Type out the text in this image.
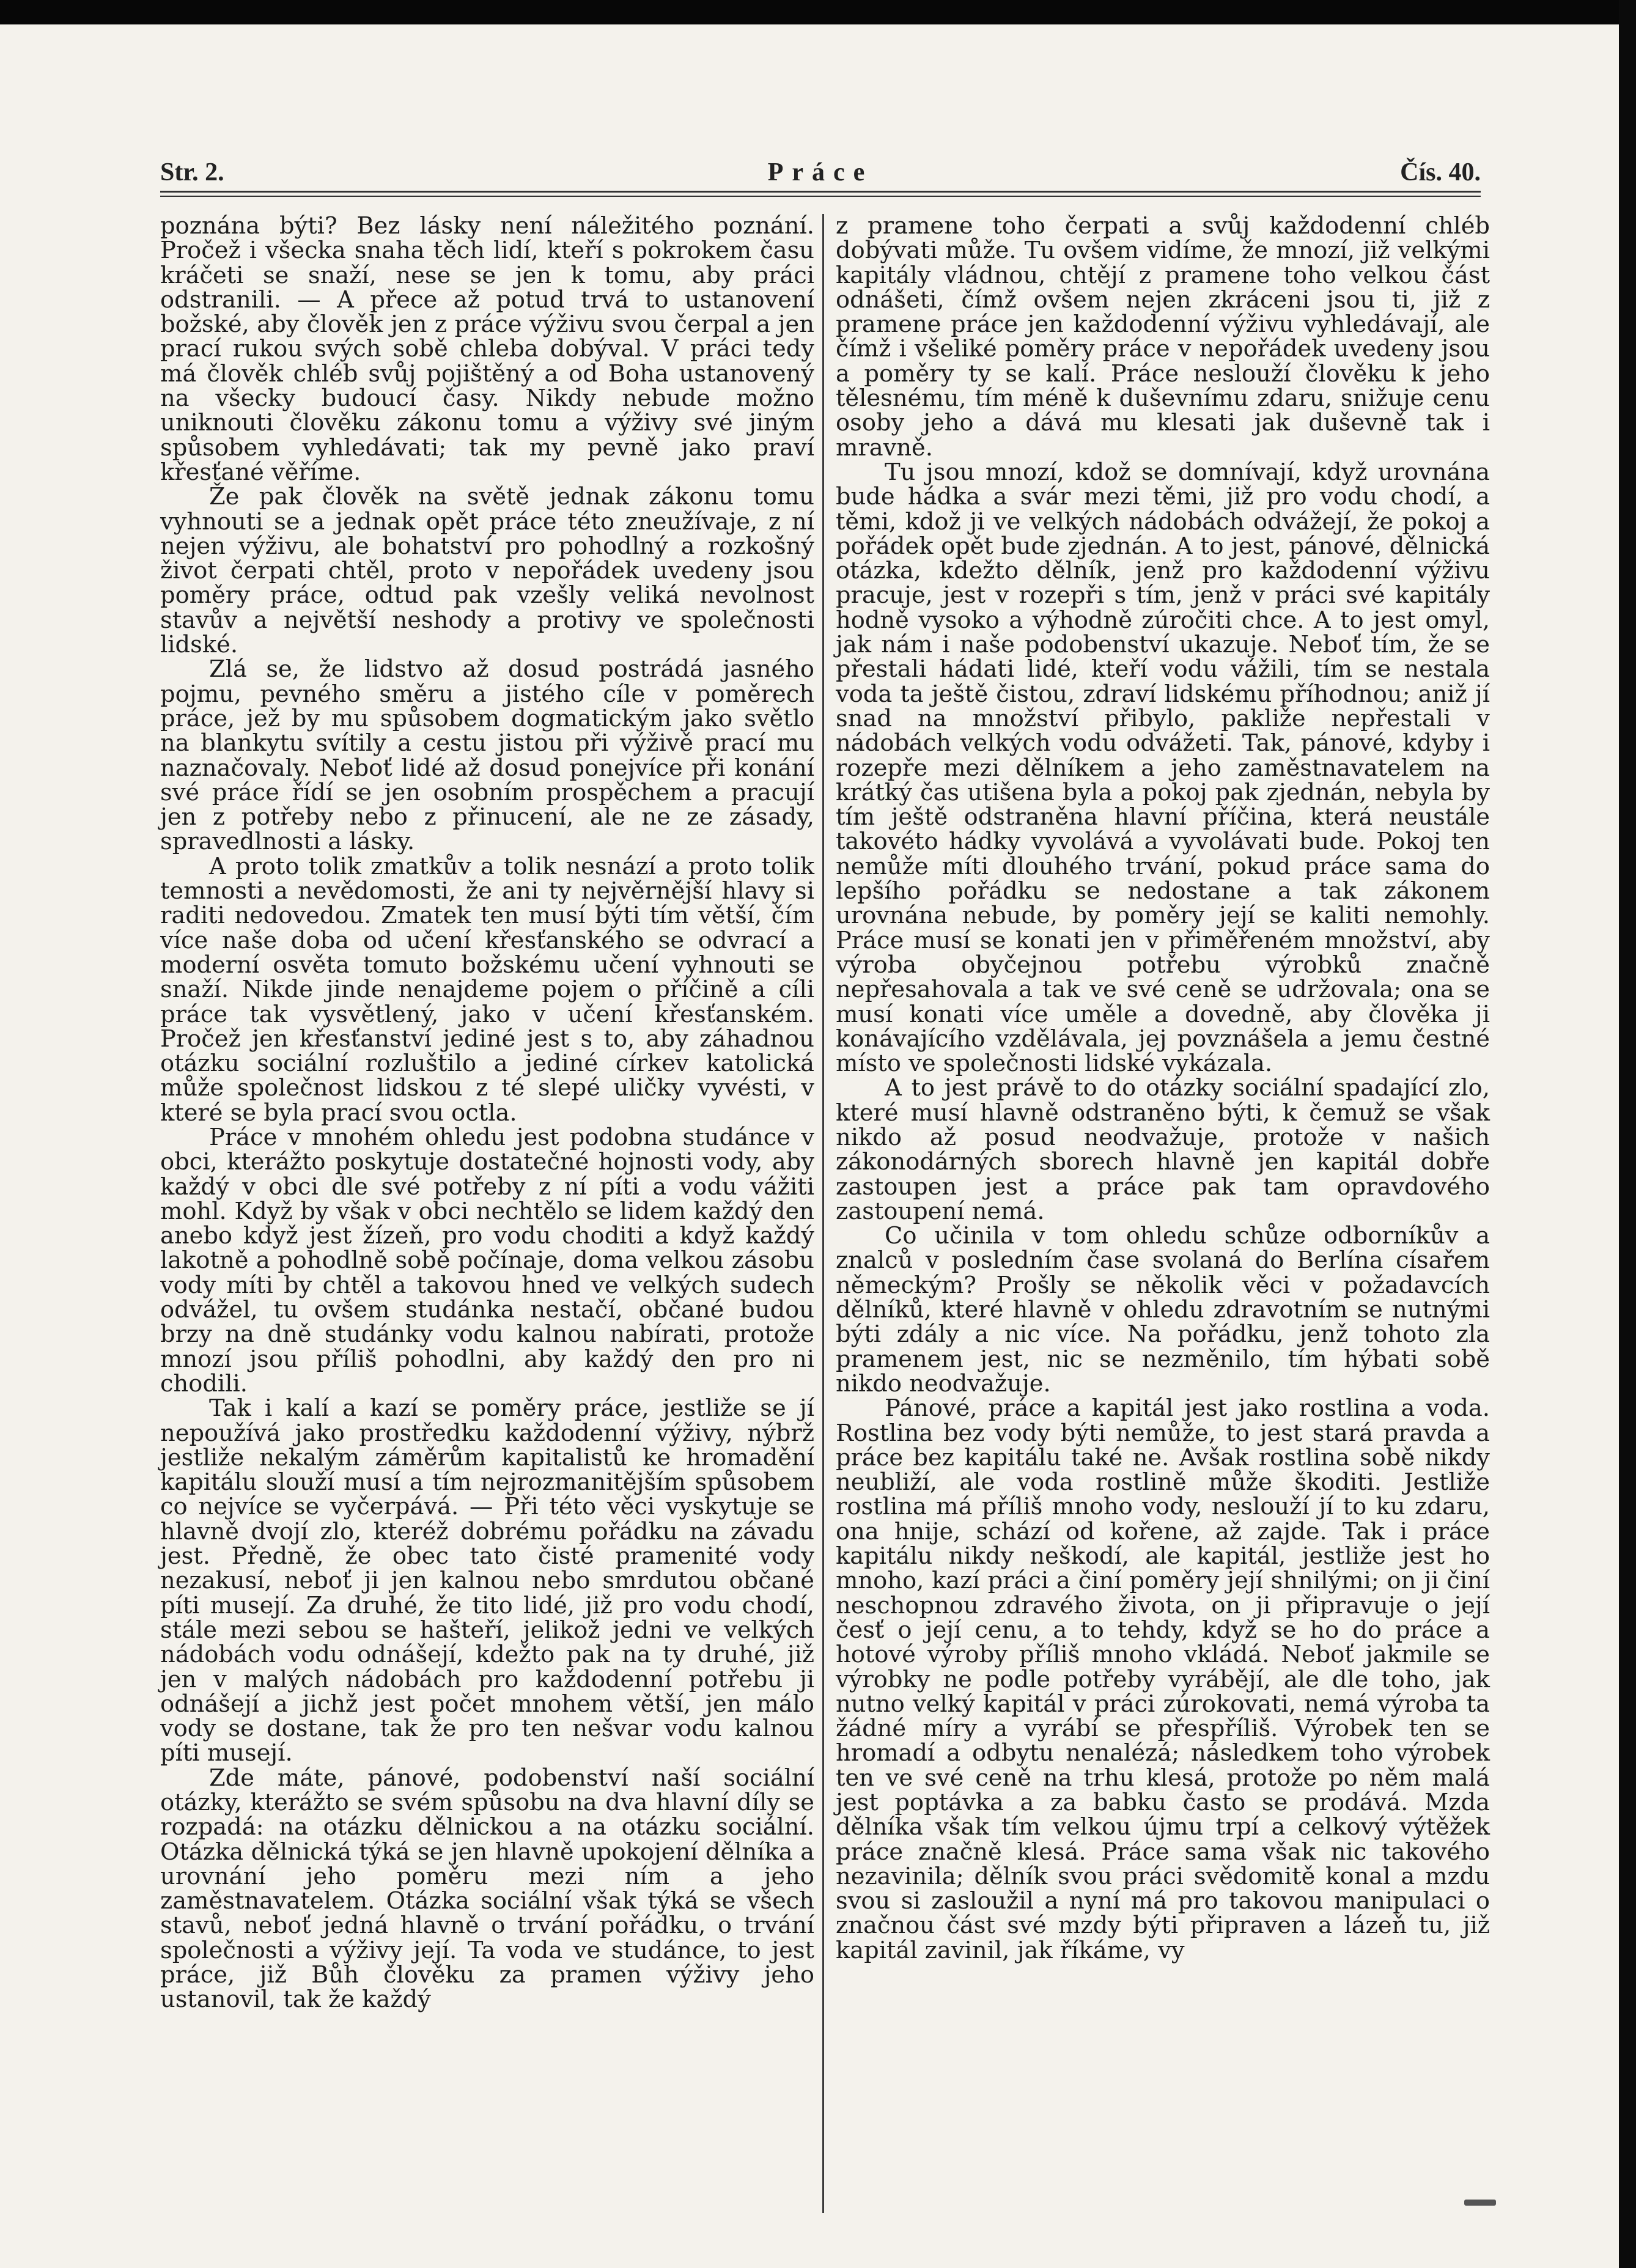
Str. 2.	Práce	Čís. 40.

poznána býti? Bez lásky není náležitého poznání. Pročež i všecka snaha těch lidí, kteří s pokrokem času kráčeti se snaží, nese se jen k tomu, aby práci odstranili. — A přece až potud trvá to ustanovení božské, aby člověk jen z práce výživu svou čerpal a jen prací rukou svých sobě chleba dobýval. V práci tedy má člověk chléb svůj pojištěný a od Boha ustanovený na všecky budoucí časy. Nikdy nebude možno uniknouti člověku zákonu tomu a výživy své jiným spůsobem vyhledávati; tak my pevně jako praví křesťané věříme.

Že pak člověk na světě jednak zákonu tomu vyhnouti se a jednak opět práce této zneužívaje, z ní nejen výživu, ale bohatství pro pohodlný a rozkošný život čerpati chtěl, proto v nepořádek uvedeny jsou poměry práce, odtud pak vzešly veliká nevolnost stavův a největší neshody a protivy ve společnosti lidské.

Zlá se, že lidstvo až dosud postrádá jasného pojmu, pevného směru a jistého cíle v poměrech práce, jež by mu spůsobem dogmatickým jako světlo na blankytu svítily a cestu jistou při výživě prací mu naznačovaly. Neboť lidé až dosud ponejvíce při konání své práce řídí se jen osobním prospěchem a pracují jen z potřeby nebo z přinucení, ale ne ze zásady, spravedlnosti a lásky.

A proto tolik zmatkův a tolik nesnází a proto tolik temnosti a nevědomosti, že ani ty nejvěrnější hlavy si raditi nedovedou. Zmatek ten musí býti tím větší, čím více naše doba od učení křesťanského se odvrací a moderní osvěta tomuto božskému učení vyhnouti se snaží. Nikde jinde nenajdeme pojem o příčině a cíli práce tak vysvětlený, jako v učení křesťanském. Pročež jen křesťanství jediné jest s to, aby záhadnou otázku sociální rozluštilo a jediné církev katolická může společnost lidskou z té slepé uličky vyvésti, v které se byla prací svou octla.

Práce v mnohém ohledu jest podobna studánce v obci, kterážto poskytuje dostatečné hojnosti vody, aby každý v obci dle své potřeby z ní píti a vodu vážiti mohl. Když by však v obci nechtělo se lidem každý den anebo když jest žízeň, pro vodu choditi a když každý lakotně a pohodlně sobě počínaje, doma velkou zásobu vody míti by chtěl a takovou hned ve velkých sudech odvážel, tu ovšem studánka nestačí, občané budou brzy na dně studánky vodu kalnou nabírati, protože mnozí jsou příliš pohodlni, aby každý den pro ni chodili.

Tak i kalí a kazí se poměry práce, jestliže se jí nepoužívá jako prostředku každodenní výživy, nýbrž jestliže nekalým záměrům kapitalistů ke hromadění kapitálu slouží musí a tím nejrozmanitějším spůsobem co nejvíce se vyčerpává. — Při této věci vyskytuje se hlavně dvojí zlo, kteréž dobrému pořádku na závadu jest. Předně, že obec tato čisté pramenité vody nezakusí, neboť ji jen kalnou nebo smrdutou občané píti musejí. Za druhé, že tito lidé, již pro vodu chodí, stále mezi sebou se hašteří, jelikož jedni ve velkých nádobách vodu odnášejí, kdežto pak na ty druhé, již jen v malých nádobách pro každodenní potřebu ji odnášejí a jichž jest počet mnohem větší, jen málo vody se dostane, tak že pro ten nešvar vodu kalnou píti musejí.

Zde máte, pánové, podobenství naší sociální otázky, kterážto se svém spůsobu na dva hlavní díly se rozpadá: na otázku dělnickou a na otázku sociální. Otázka dělnická týká se jen hlavně upokojení dělníka a urovnání jeho poměru mezi ním a jeho zaměstnavatelem. Otázka sociální však týká se všech stavů, neboť jedná hlavně o trvání pořádku, o trvání společnosti a výživy její. Ta voda ve studánce, to jest práce, již Bůh člověku za pramen výživy jeho ustanovil, tak že každý

z pramene toho čerpati a svůj každodenní chléb dobývati může. Tu ovšem vidíme, že mnozí, již velkými kapitály vládnou, chtějí z pramene toho velkou část odnášeti, čímž ovšem nejen zkráceni jsou ti, již z pramene práce jen každodenní výživu vyhledávají, ale čímž i všeliké poměry práce v nepořádek uvedeny jsou a poměry ty se kalí. Práce neslouží člověku k jeho tělesnému, tím méně k duševnímu zdaru, snižuje cenu osoby jeho a dává mu klesati jak duševně tak i mravně.

Tu jsou mnozí, kdož se domnívají, když urovnána bude hádka a svár mezi těmi, již pro vodu chodí, a těmi, kdož ji ve velkých nádobách odvážejí, že pokoj a pořádek opět bude zjednán. A to jest, pánové, dělnická otázka, kdežto dělník, jenž pro každodenní výživu pracuje, jest v rozepři s tím, jenž v práci své kapitály hodně vysoko a výhodně zúročiti chce. A to jest omyl, jak nám i naše podobenství ukazuje. Neboť tím, že se přestali hádati lidé, kteří vodu vážili, tím se nestala voda ta ještě čistou, zdraví lidskému příhodnou; aniž jí snad na množství přibylo, pakliže nepřestali v nádobách velkých vodu odvážeti. Tak, pánové, kdyby i rozepře mezi dělníkem a jeho zaměstnavatelem na krátký čas utišena byla a pokoj pak zjednán, nebyla by tím ještě odstraněna hlavní příčina, která neustále takovéto hádky vyvolává a vyvolávati bude. Pokoj ten nemůže míti dlouhého trvání, pokud práce sama do lepšího pořádku se nedostane a tak zákonem urovnána nebude, by poměry její se kaliti nemohly. Práce musí se konati jen v přiměřeném množství, aby výroba obyčejnou potřebu výrobků značně nepřesahovala a tak ve své ceně se udržovala; ona se musí konati více uměle a dovedně, aby člověka ji konávajícího vzdělávala, jej povznášela a jemu čestné místo ve společnosti lidské vykázala.

A to jest právě to do otázky sociální spadající zlo, které musí hlavně odstraněno býti, k čemuž se však nikdo až posud neodvažuje, protože v našich zákonodárných sborech hlavně jen kapitál dobře zastoupen jest a práce pak tam opravdového zastoupení nemá.

Co učinila v tom ohledu schůze odborníkův a znalců v posledním čase svolaná do Berlína císařem německým? Prošly se několik věci v požadavcích dělníků, které hlavně v ohledu zdravotním se nutnými býti zdály a nic více. Na pořádku, jenž tohoto zla pramenem jest, nic se nezměnilo, tím hýbati sobě nikdo neodvažuje.

Pánové, práce a kapitál jest jako rostlina a voda. Rostlina bez vody býti nemůže, to jest stará pravda a práce bez kapitálu také ne. Avšak rostlina sobě nikdy neubliží, ale voda rostlině může škoditi. Jestliže rostlina má příliš mnoho vody, neslouží jí to ku zdaru, ona hnije, schází od kořene, až zajde. Tak i práce kapitálu nikdy neškodí, ale kapitál, jestliže jest ho mnoho, kazí práci a činí poměry její shnilými; on ji činí neschopnou zdravého života, on ji připravuje o její česť o její cenu, a to tehdy, když se ho do práce a hotové výroby příliš mnoho vkládá. Neboť jakmile se výrobky ne podle potřeby vyrábějí, ale dle toho, jak nutno velký kapitál v práci zúrokovati, nemá výroba ta žádné míry a vyrábí se přespříliš. Výrobek ten se hromadí a odbytu nenalézá; následkem toho výrobek ten ve své ceně na trhu klesá, protože po něm malá jest poptávka a za babku často se prodává. Mzda dělníka však tím velkou újmu trpí a celkový výtěžek práce značně klesá. Práce sama však nic takového nezavinila; dělník svou práci svědomitě konal a mzdu svou si zasloužil a nyní má pro takovou manipulaci o značnou část své mzdy býti připraven a lázeň tu, již kapitál zavinil, jak říkáme, vy
